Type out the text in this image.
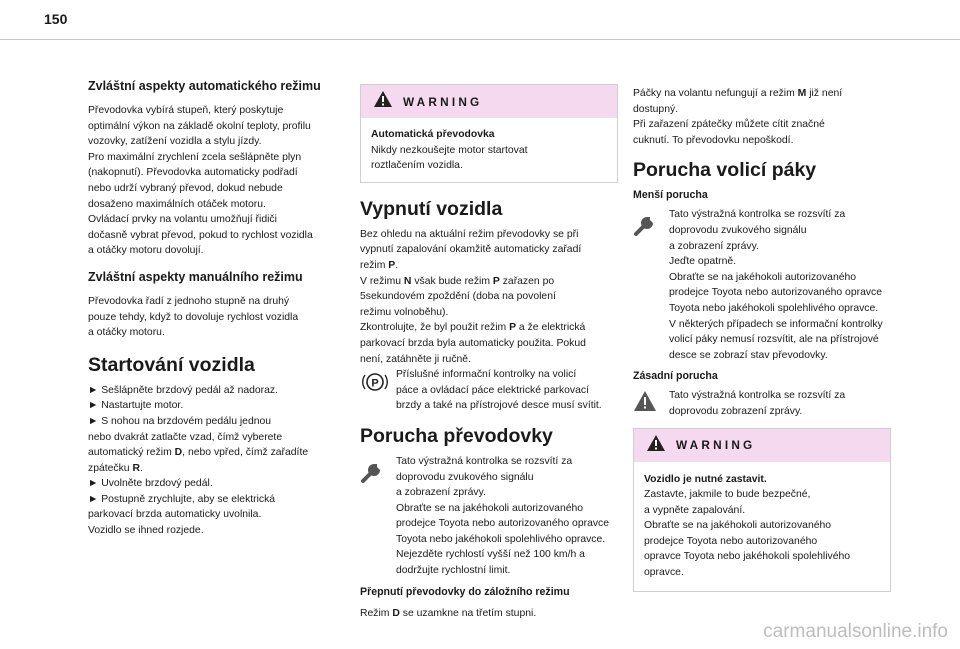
150
Zvláštní aspekty automatického režimu

Převodovka vybírá stupeň, který poskytuje
optimální výkon na základě okolní teploty, profilu
vozovky, zatížení vozidla a stylu jízdy.
Pro maximální zrychlení zcela sešlápněte plyn
(nakopnutí). Převodovka automaticky podřadí
nebo udrží vybraný převod, dokud nebude
dosaženo maximálních otáček motoru.
Ovládací prvky na volantu umožňují řidiči
dočasně vybrat převod, pokud to rychlost vozidla
a otáčky motoru dovolují.

Zvláštní aspekty manuálního režimu

Převodovka řadí z jednoho stupně na druhý
pouze tehdy, když to dovoluje rychlost vozidla
a otáčky motoru.

Startování vozidla

► Sešlápněte brzdový pedál až nadoraz.
► Nastartujte motor.
► S nohou na brzdovém pedálu jednou
nebo dvakrát zatlačte vzad, čímž vyberete
automatický režim D, nebo vpřed, čímž zařadíte
zpátečku R.
► Uvolněte brzdový pedál.
► Postupně zrychlujte, aby se elektrická
parkovací brzda automaticky uvolnila.
Vozidlo se ihned rozjede.

WARNING

Automatická převodovka

Nikdy nezkoušejte motor startovat
roztlačením vozidla.

Vypnutí vozidla

Bez ohledu na aktuální režim převodovky se při
vypnutí zapalování okamžitě automaticky zařadí
režim P.
V režimu N však bude režim P zařazen po
5sekundovém zpoždění (doba na povolení
režimu volnoběhu).
Zkontrolujte, že byl použit režim P a že elektrická
parkovací brzda byla automaticky použita. Pokud
není, zatáhněte ji ručně.

P

Příslušné informační kontrolky na volicí
páce a ovládací páce elektrické parkovací
brzdy a také na přístrojové desce musí svítit.

Porucha převodovky

Tato výstražná kontrolka se rozsvítí za
doprovodu zvukového signálu
a zobrazení zprávy.
Obraťte se na jakéhokoli autorizovaného
prodejce Toyota nebo autorizovaného opravce
Toyota nebo jakéhokoli spolehlivého opravce.
Nejezděte rychlostí vyšší než 100 km/h a
dodržujte rychlostní limit.

Přepnutí převodovky do záložního režimu

Režim D se uzamkne na třetím stupni.

Páčky na volantu nefungují a režim M již není
dostupný.
Při zařazení zpátečky můžete cítit značné
cuknutí. To převodovku nepoškodí.

Porucha volicí páky
Menší porucha

Tato výstražná kontrolka se rozsvítí za
doprovodu zvukového signálu
a zobrazení zprávy.
Jeďte opatrně.
Obraťte se na jakéhokoli autorizovaného
prodejce Toyota nebo autorizovaného opravce
Toyota nebo jakéhokoli spolehlivého opravce.
V některých případech se informační kontrolky
volicí páky nemusí rozsvítit, ale na přístrojové
desce se zobrazí stav převodovky.

Zásadní porucha

Tato výstražná kontrolka se rozsvítí za
doprovodu zobrazení zprávy.

WARNING

Vozidlo je nutné zastavit.

Zastavte, jakmile to bude bezpečné,
a vypněte zapalování.
Obraťte se na jakéhokoli autorizovaného
prodejce Toyota nebo autorizovaného
opravce Toyota nebo jakéhokoli spolehlivého
opravce.

carmanualsonline.info
